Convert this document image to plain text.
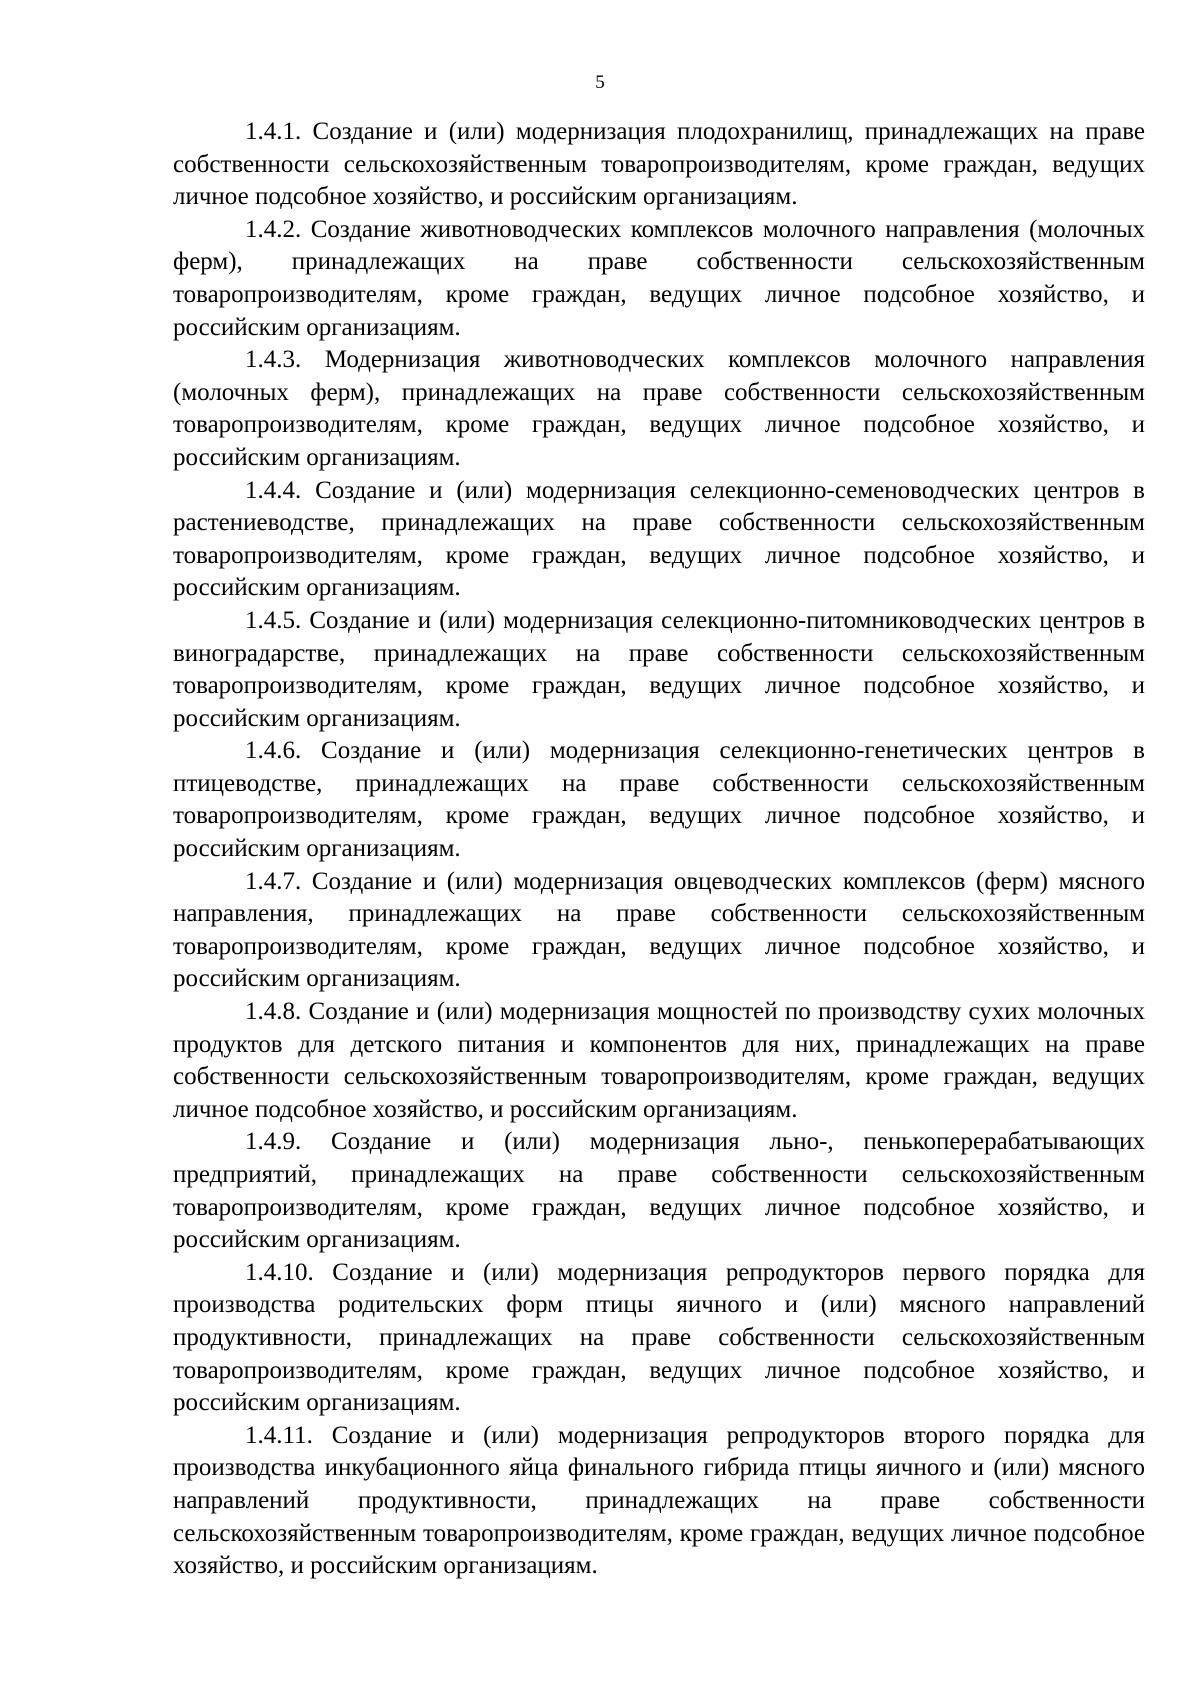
5

1.4.1. Создание и (или) модернизация плодохранилищ, принадлежащих на праве собственности сельскохозяйственным товаропроизводителям, кроме граждан, ведущих личное подсобное хозяйство, и российским организациям.

1.4.2. Создание животноводческих комплексов молочного направления (молочных ферм), принадлежащих на праве собственности сельскохозяйственным товаропроизводителям, кроме граждан, ведущих личное подсобное хозяйство, и российским организациям.

1.4.3. Модернизация животноводческих комплексов молочного направления (молочных ферм), принадлежащих на праве собственности сельскохозяйственным товаропроизводителям, кроме граждан, ведущих личное подсобное хозяйство, и российским организациям.

1.4.4. Создание и (или) модернизация селекционно-семеноводческих центров в растениеводстве, принадлежащих на праве собственности сельскохозяйственным товаропроизводителям, кроме граждан, ведущих личное подсобное хозяйство, и российским организациям.

1.4.5. Создание и (или) модернизация селекционно-питомниководческих центров в виноградарстве, принадлежащих на праве собственности сельскохозяйственным товаропроизводителям, кроме граждан, ведущих личное подсобное хозяйство, и российским организациям.

1.4.6. Создание и (или) модернизация селекционно-генетических центров в птицеводстве, принадлежащих на праве собственности сельскохозяйственным товаропроизводителям, кроме граждан, ведущих личное подсобное хозяйство, и российским организациям.

1.4.7. Создание и (или) модернизация овцеводческих комплексов (ферм) мясного направления, принадлежащих на праве собственности сельскохозяйственным товаропроизводителям, кроме граждан, ведущих личное подсобное хозяйство, и российским организациям.

1.4.8. Создание и (или) модернизация мощностей по производству сухих молочных продуктов для детского питания и компонентов для них, принадлежащих на праве собственности сельскохозяйственным товаропроизводителям, кроме граждан, ведущих личное подсобное хозяйство, и российским организациям.

1.4.9. Создание и (или) модернизация льно-, пенькоперерабатывающих предприятий, принадлежащих на праве собственности сельскохозяйственным товаропроизводителям, кроме граждан, ведущих личное подсобное хозяйство, и российским организациям.

1.4.10. Создание и (или) модернизация репродукторов первого порядка для производства родительских форм птицы яичного и (или) мясного направлений продуктивности, принадлежащих на праве собственности сельскохозяйственным товаропроизводителям, кроме граждан, ведущих личное подсобное хозяйство, и российским организациям.

1.4.11. Создание и (или) модернизация репродукторов второго порядка для производства инкубационного яйца финального гибрида птицы яичного и (или) мясного направлений продуктивности, принадлежащих на праве собственности сельскохозяйственным товаропроизводителям, кроме граждан, ведущих личное подсобное хозяйство, и российским организациям.
